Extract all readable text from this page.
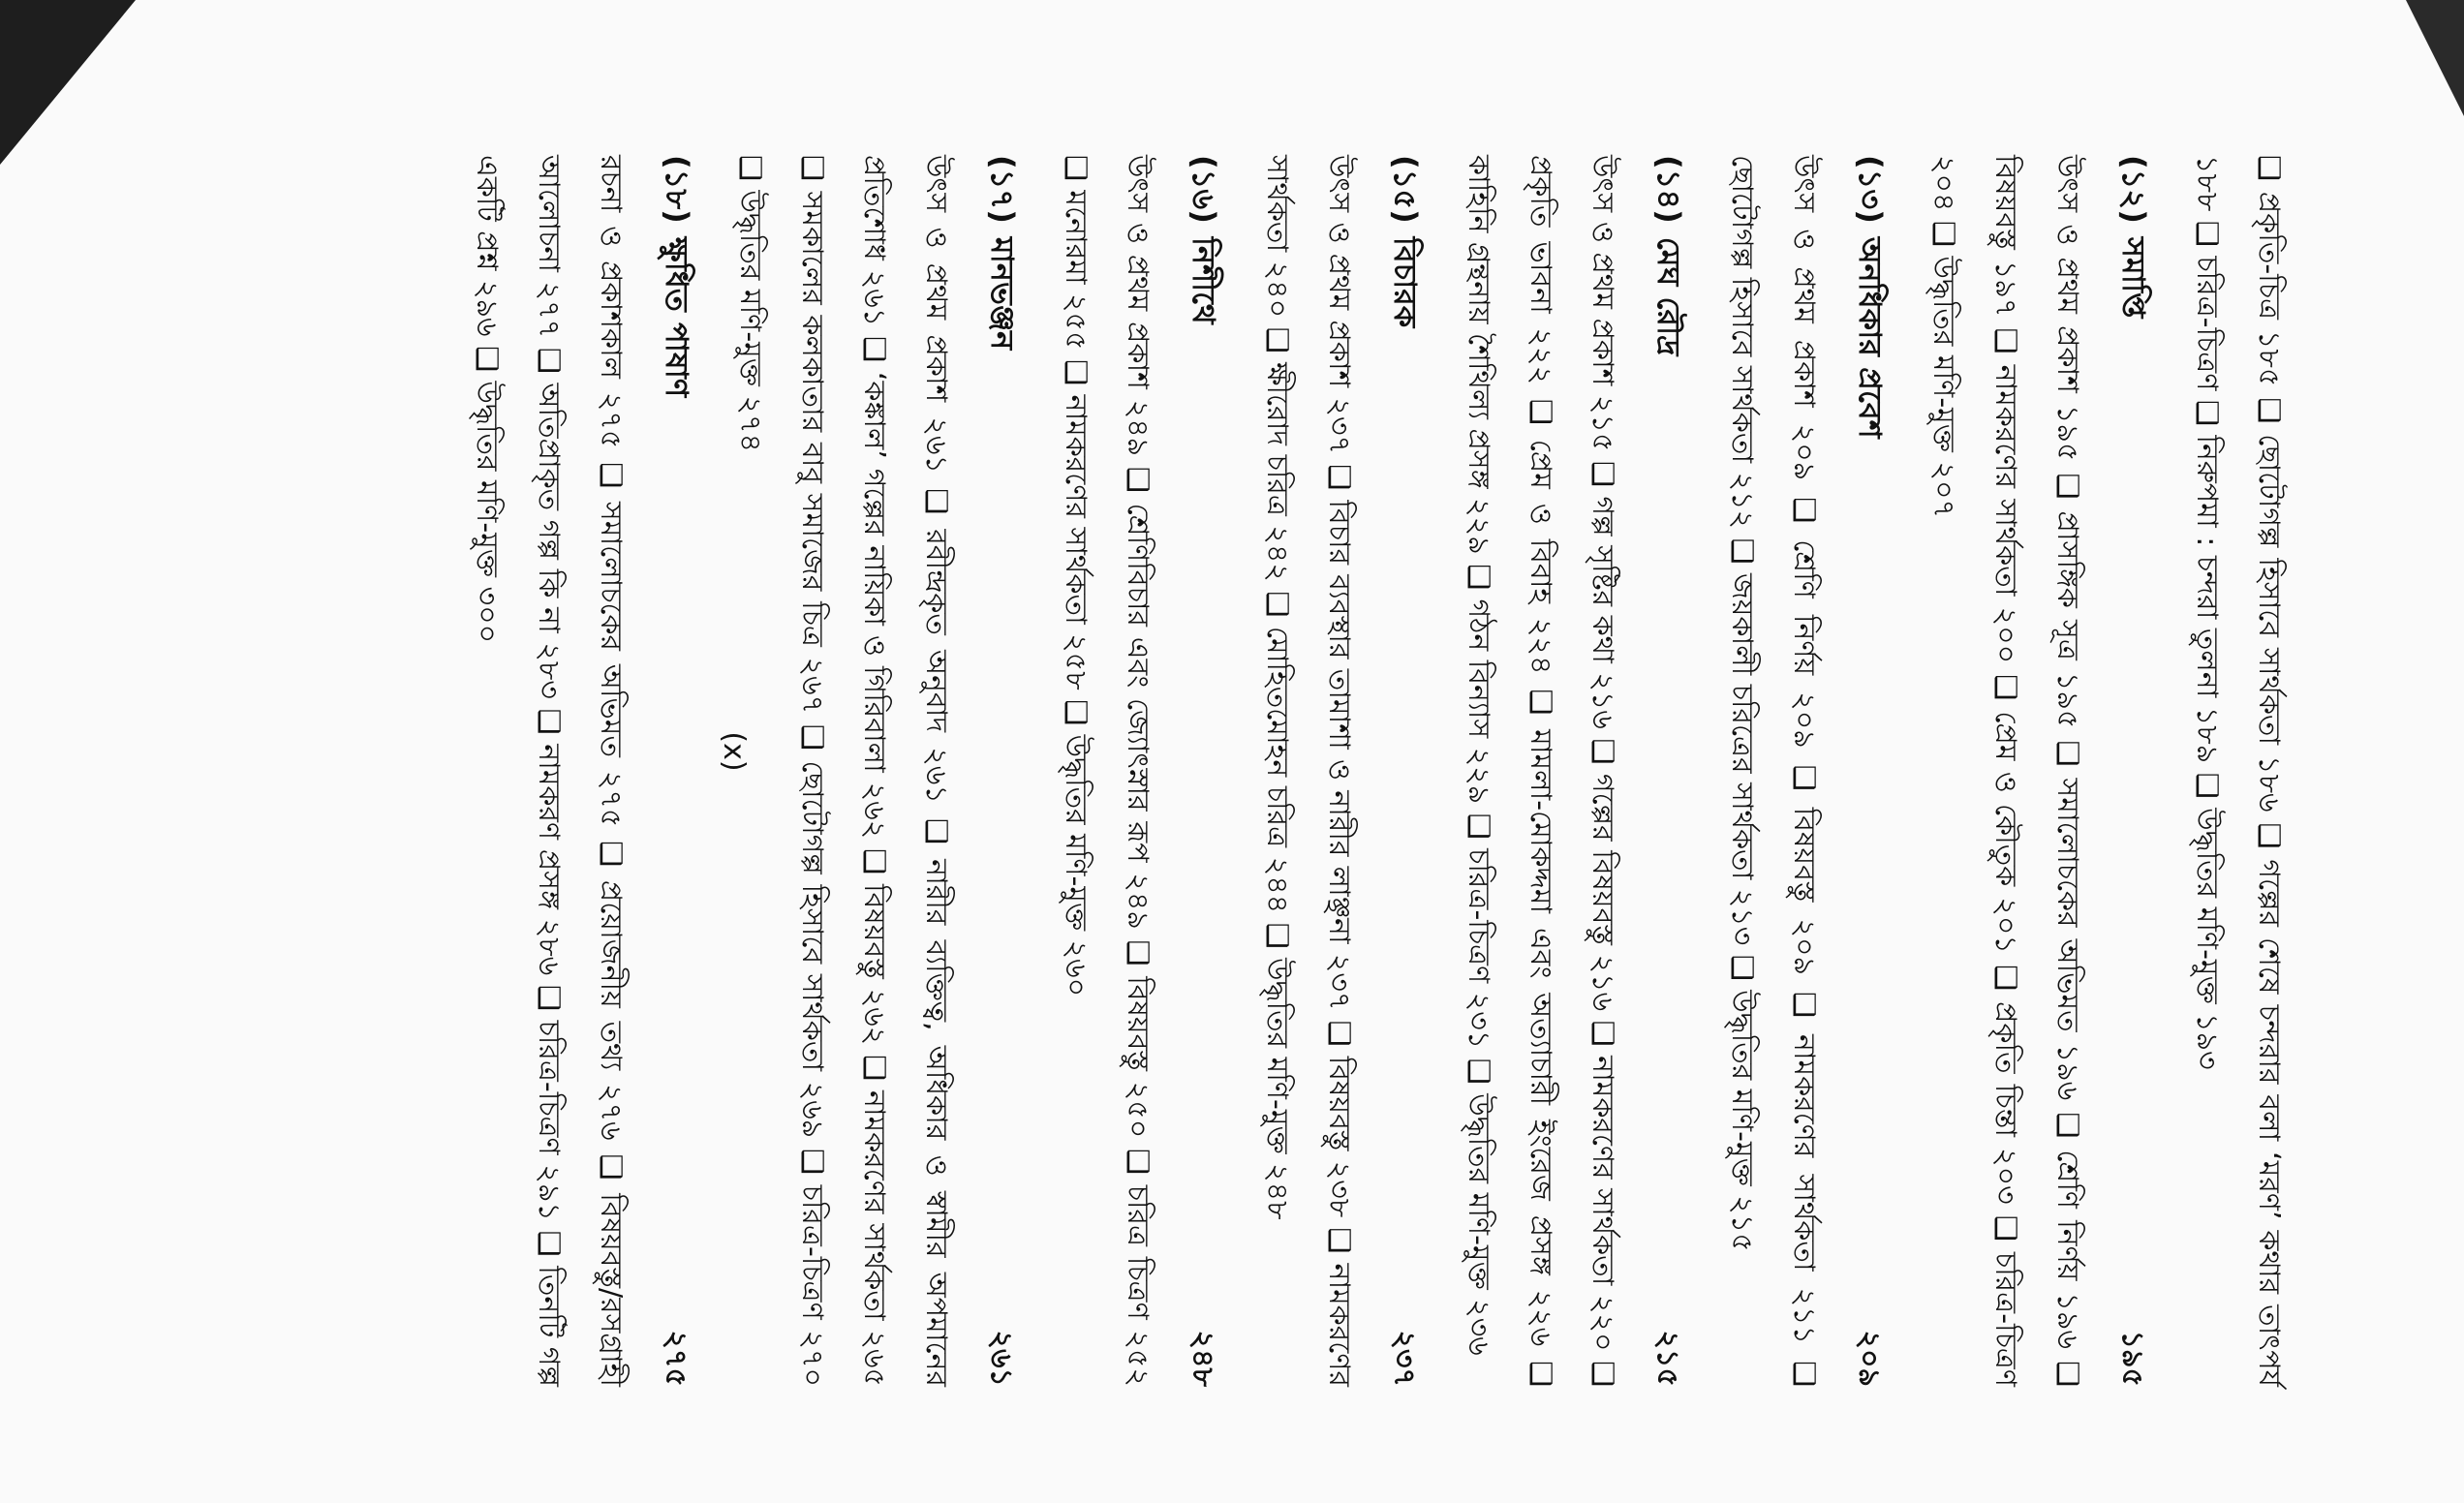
❑ প্রকৃতি-চিত্র ১৮৫ ❑ ছোটোগল্প হিসাবে সার্থকতা ১৮৬ ❑ গল্পের শেষে চন্দরার বলা ‘মরণ’ কথার তাৎপর্য ১৮৮ ❑ চরিত্র-চিত্রণ ❑ নিরুপমা : চন্দরা তুলনা ১৮৯ ❑ উদ্ধৃতির মণি-মুক্ত ১৯৩

(১২)সমাপ্তি
১৯৫

উৎস ও প্রথম প্রকাশ ১৯৫ ❑ প্রাসঙ্গিক সূত্র ১৯৫ ❑ সমালোচকের অভিমত ১৯৬ ❑ শ্রেণি নির্ণয় ১৯৬ ❑ বিষয়বস্তু ১৯৭ ❑ নামকরণের সার্থকতা ২০০ ❑ প্রেম ও কৌতুক ২০১ ❑ প্রকৃতি চিন্তা ২০৩ ❑ চরিত্র-চিত্রণ ২০৪ ❑ উদ্ধৃতির মণি-মুক্ত ২০৭

(১৩)অনধিকার প্রবেশ
২০৯

উৎস ও প্রথম প্রকাশ ২০৯ ❑ শ্রেণি নির্ণয় ২০৯ ❑ বিষয়বস্তু ২০৯ ❑ নামকরণের সার্থকতা ২১১ ❑ ছোটোগল্প হিসাবে সার্থকতা ২১২ ❑ জয়কালী চরিত্রের সার্থকতা ২১৩ ❑ উদ্ধৃতির মণি-মুক্ত ২১৫

(১৪)মেঘ রৌদ্র
২১৫

উৎস ও প্রথম প্রকাশ ২১৫ ❑ গল্প সৃষ্টির কথা ২১৬ ❑ গল্পের বিষয়বস্তু ২১৬ ❑ নামকরণের সার্থকতা ২২০ ❑ প্রকৃতি ভাবনা ২২২ ❑ প্রেম ও বিবাহ ২২৪ ❑ মামলা-মোকদ্দমা এবং অত্যাচারী ইংরেজ প্রসঙ্গ ২২৬ ❑ কাহিনি গ্রন্থনায় শৈথিল্য প্রসঙ্গ ২২৯ ❑ গঠন বিন্যাস ২২৯ ❑ চরিত্র-চিত্রণ ২৩১ ❑ উদ্ধৃতির মণি-মুক্ত ২৩৬

(১৫)বিচারক
২৩৭

উৎস ও প্রথম প্রকাশ ২৩৭ ❑ বিচার ব্যবস্থার তামাশা ও নারীর লাঞ্ছনা ২৩৭ ❑ বিষয়বস্তু ২৩৮ ❑ নামকরণের সার্থকতা ২৪০ ❑ ক্ষীরোদ চরিত্র ২৪২ ❑ মোহিতমোহন চরিত্র ২৪৪ ❑ উদ্ধৃতির মণি-মুক্ত ২৪৮

(১৬)নিশীথে
২৪৮

উৎস ও প্রথম প্রকাশ ২৪৯ ❑ শ্রেণিবিচার এবং জ্যোৎস্নার রূপ ২৪৯ ❑ বিষয়বস্তু ২৫০ ❑ চরিত্র চিত্রণ ২৫২ ❑ মনোরমা ২৫৫ ❑ নামকরণের সার্থকতা ২৫৮ ❑ উদ্ধৃতির মণি-মুক্ত ২৬০

(১৭)মানভঞ্জন
২৬১

উৎস ও প্রথম প্রকাশ ২৬১ ❑ রবীন্দ্রকৃত অনুবাদ ২৬১ ❑ নারীর ব্যক্তিত্ব, অধিকার ও স্বামীর অপমানের প্রতিশোধ ২৬১ ❑ ‘কঙ্কাল’ গল্পের নায়িকা ও গিরিবালা ২৬২ ❑ বিষয়বস্তু ২৬২ ❑ নামকরণের সার্থকতা ২৬৫ ❑ সমকালের কলকাতার বাবু সমাজের চিত্র ২৬৭ ❑ ছোটোগল্প হিসাবে সার্থকতা ২৬৯ ❑ চরিত্র-চিত্রণ ২৭০ ❑ উদ্ধৃতির মণি-মুক্ত ২৭৪

(১৮)ক্ষুধিত পাষাণ
২৭৫

রচনা ও প্রকাশকাল ২৭৫ ❑ সমালোচকের অভিমত ২৭৫ ❑ প্রয়োজনীয় তথ্য ২৭৬ ❑ বিষয়বস্তু/রসগ্রাহী আলোচনা ২৭৭ ❑ অতিপ্রাকৃত গল্প কি না ২৮৩ ❑ নামকরণ প্রসঙ্গ ২৮৬ ❑ চরিত্র-চিত্রণ ২৯১ ❑ তিনটি গল্প একটি প্রশ্ন ২৯৬ ❑ উদ্ধৃতির মণি-মুক্ত ৩০০

(x)
